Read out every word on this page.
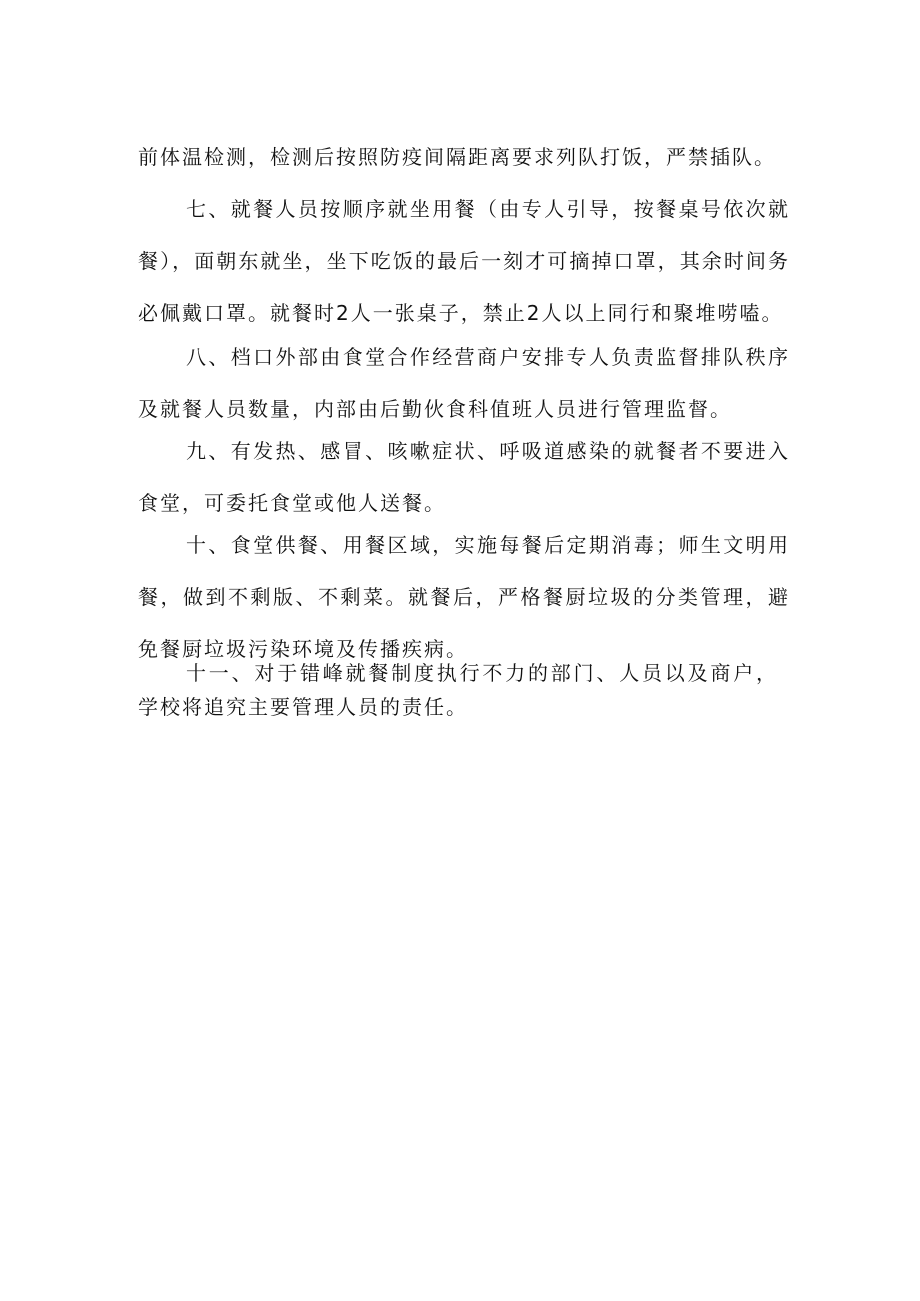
前体温检测，检测后按照防疫间隔距离要求列队打饭，严禁插队。

七、就餐人员按顺序就坐用餐（由专人引导，按餐桌号依次就餐），面朝东就坐，坐下吃饭的最后一刻才可摘掉口罩，其余时间务必佩戴口罩。就餐时2人一张桌子，禁止2人以上同行和聚堆唠嗑。

八、档口外部由食堂合作经营商户安排专人负责监督排队秩序及就餐人员数量，内部由后勤伙食科值班人员进行管理监督。

九、有发热、感冒、咳嗽症状、呼吸道感染的就餐者不要进入食堂，可委托食堂或他人送餐。

十、食堂供餐、用餐区域，实施每餐后定期消毒；师生文明用餐，做到不剩版、不剩菜。就餐后，严格餐厨垃圾的分类管理，避免餐厨垃圾污染环境及传播疾病。

十一、对于错峰就餐制度执行不力的部门、人员以及商户，学校将追究主要管理人员的责任。
